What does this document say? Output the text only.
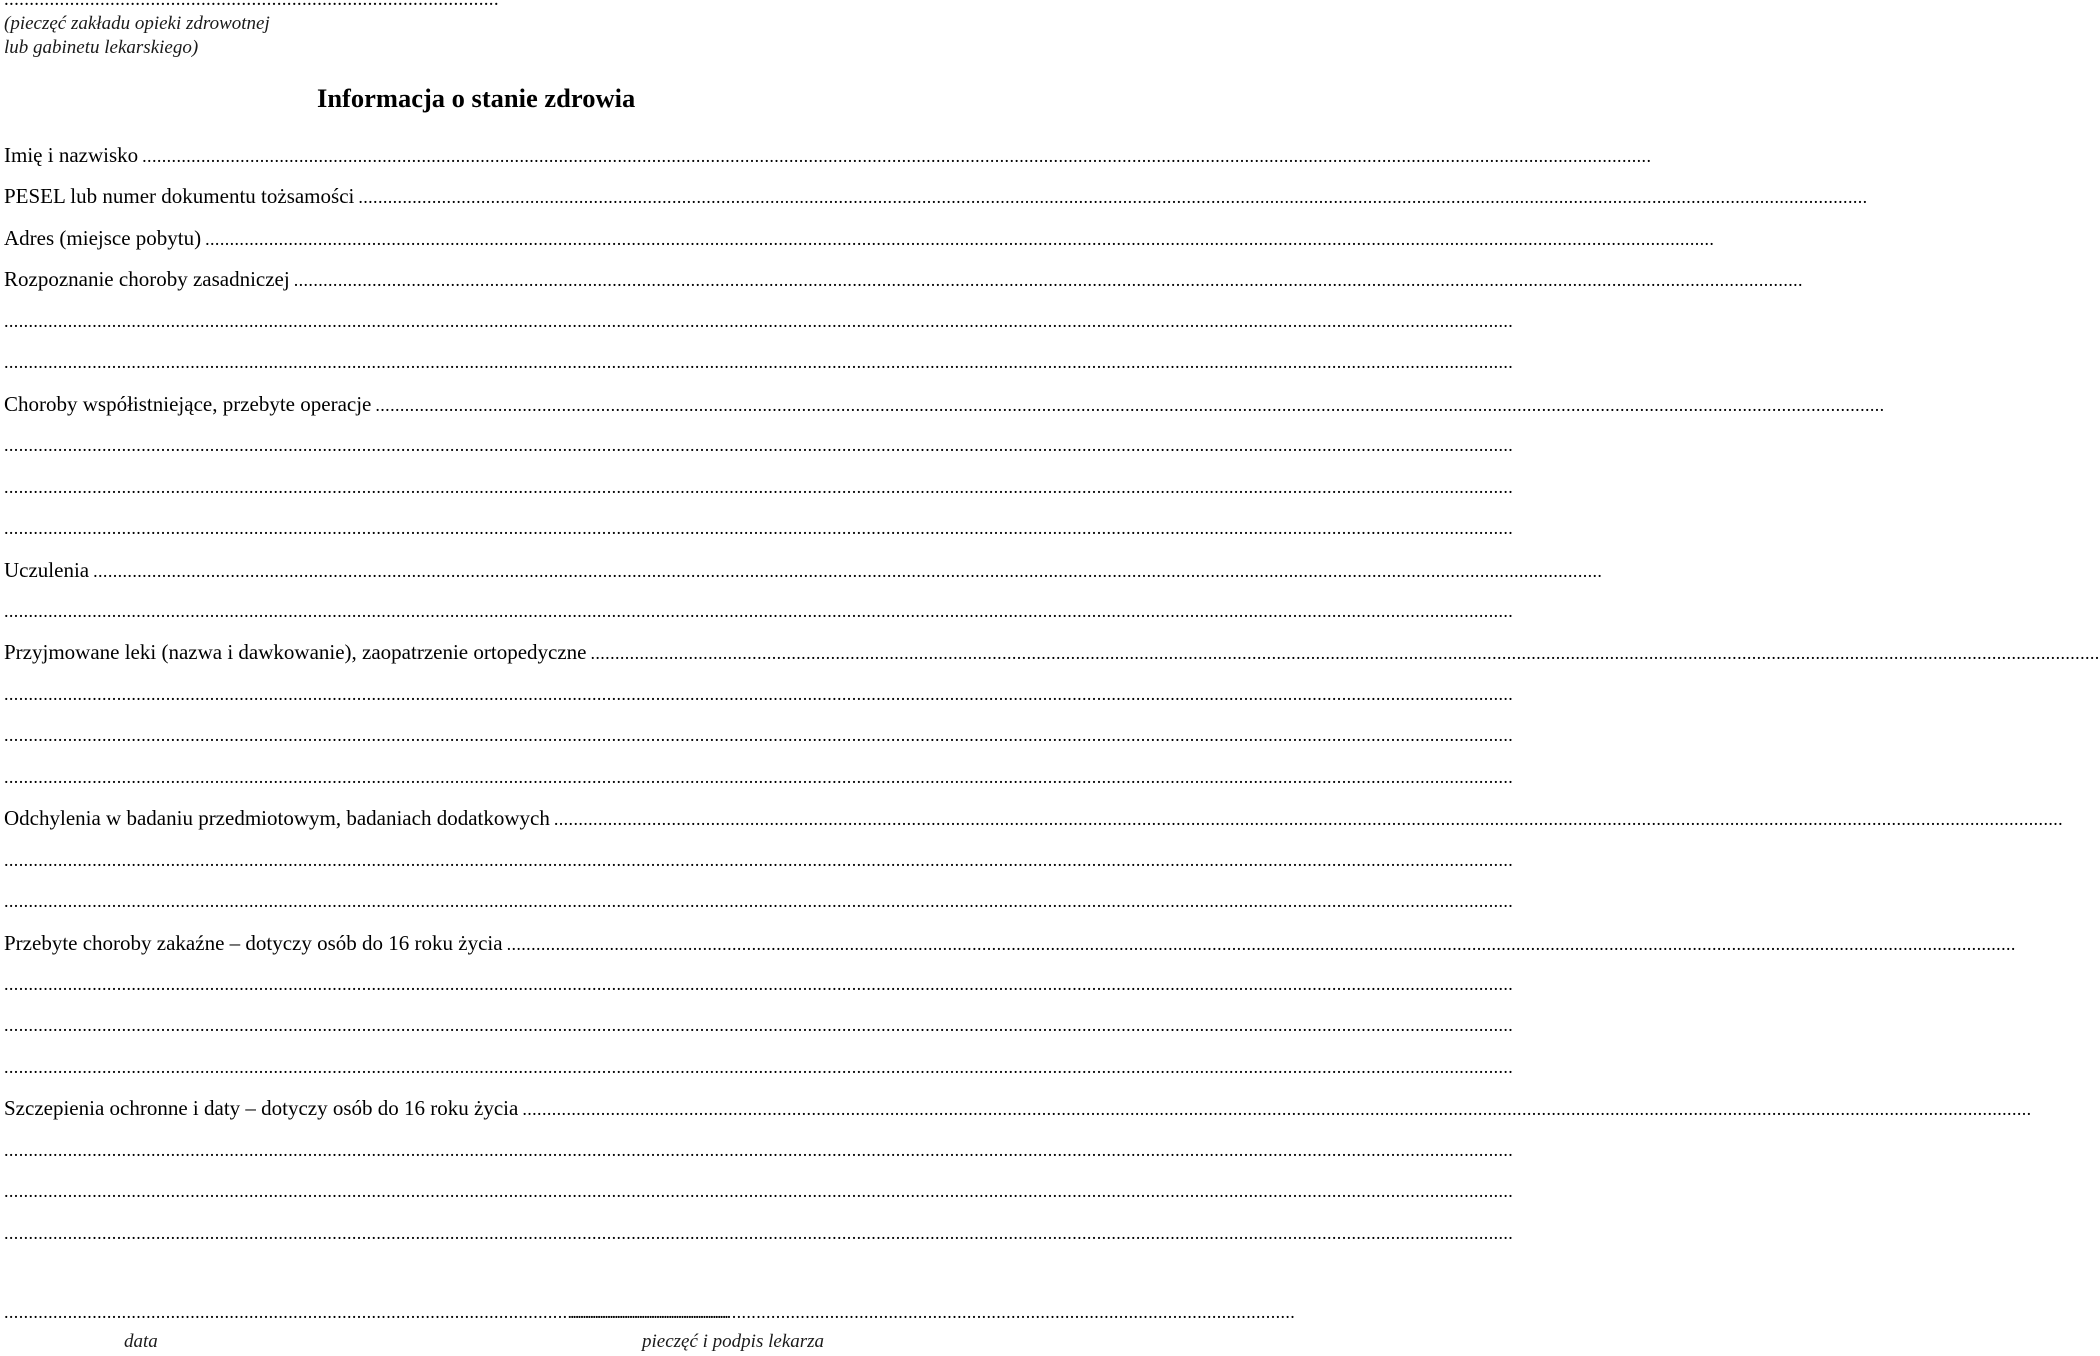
(pieczęć zakładu opieki zdrowotnej
lub gabinetu lekarskiego)
Informacja o stanie zdrowia
Imię i nazwisko
.....
PESEL lub numer dokumentu tożsamości
.....
Adres (miejsce pobytu)
.....
Rozpoznanie choroby zasadniczej
.....
.....
.....
Choroby współistniejące, przebyte operacje
.....
.....
.....
.....
Uczulenia
.....
.....
Przyjmowane leki (nazwa i dawkowanie), zaopatrzenie ortopedyczne
.....
.....
.....
.....
Odchylenia w badaniu przedmiotowym, badaniach dodatkowych
.....
.....
.....
Przebyte choroby zakaźne – dotyczy osób do 16 roku życia
.....
.....
.....
.....
Szczepienia ochronne i daty – dotyczy osób do 16 roku życia
.....
.....
.....
.....
.....
.....
data	pieczęć i podpis lekarza
